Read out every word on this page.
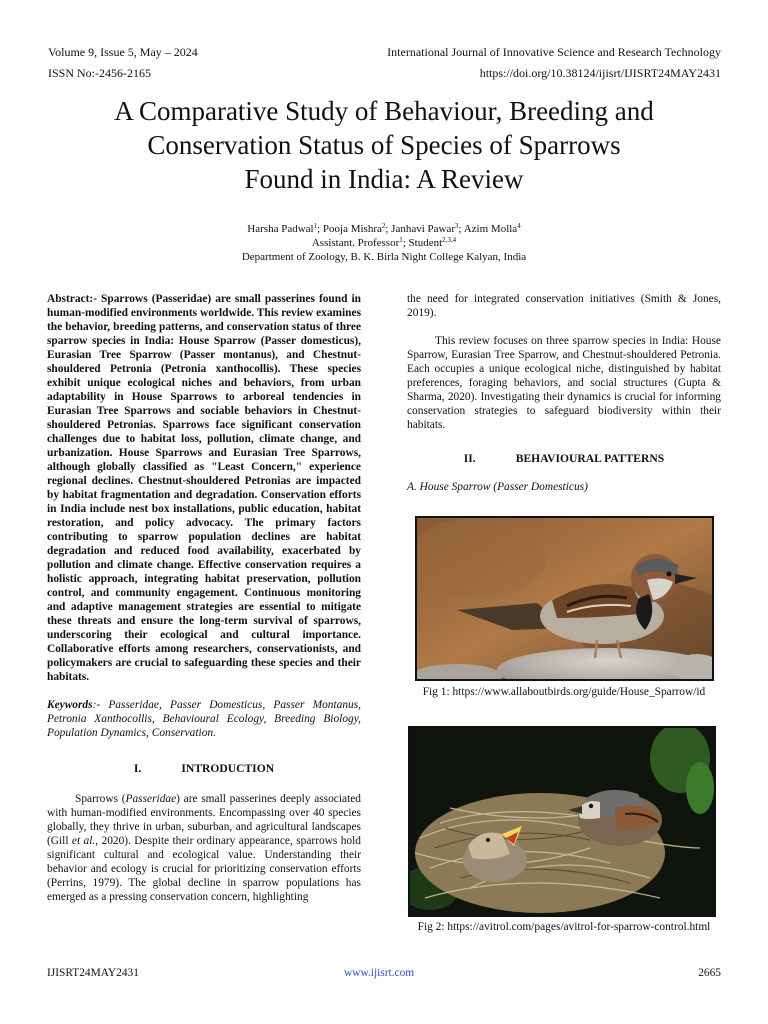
Volume 9, Issue 5, May – 2024	International Journal of Innovative Science and Research Technology
ISSN No:-2456-2165	https://doi.org/10.38124/ijisrt/IJISRT24MAY2431
A Comparative Study of Behaviour, Breeding and
Conservation Status of Species of Sparrows
Found in India: A Review
Harsha Padwal$^1$; Pooja Mishra$^2$; Janhavi Pawar$^3$; Azim Molla$^4$
Assistant. Professor$^1$; Student$^{2,3,4}$
Department of Zoology, B. K. Birla Night College Kalyan, India

Abstract:- Sparrows (Passeridae) are small passerines found in human-modified environments worldwide. This review examines the behavior, breeding patterns, and conservation status of three sparrow species in India: House Sparrow (Passer domesticus), Eurasian Tree Sparrow (Passer montanus), and Chestnut-shouldered Petronia (Petronia xanthocollis). These species exhibit unique ecological niches and behaviors, from urban adaptability in House Sparrows to arboreal tendencies in Eurasian Tree Sparrows and sociable behaviors in Chestnut-shouldered Petronias. Sparrows face significant conservation challenges due to habitat loss, pollution, climate change, and urbanization. House Sparrows and Eurasian Tree Sparrows, although globally classified as "Least Concern," experience regional declines. Chestnut-shouldered Petronias are impacted by habitat fragmentation and degradation. Conservation efforts in India include nest box installations, public education, habitat restoration, and policy advocacy. The primary factors contributing to sparrow population declines are habitat degradation and reduced food availability, exacerbated by pollution and climate change. Effective conservation requires a holistic approach, integrating habitat preservation, pollution control, and community engagement. Continuous monitoring and adaptive management strategies are essential to mitigate these threats and ensure the long-term survival of sparrows, underscoring their ecological and cultural importance. Collaborative efforts among researchers, conservationists, and policymakers are crucial to safeguarding these species and their habitats.

Keywords:- Passeridae, Passer Domesticus, Passer Montanus, Petronia Xanthocollis, Behavioural Ecology, Breeding Biology, Population Dynamics, Conservation.

I.	INTRODUCTION

Sparrows (Passeridae) are small passerines deeply associated with human-modified environments. Encompassing over 40 species globally, they thrive in urban, suburban, and agricultural landscapes (Gill et al., 2020). Despite their ordinary appearance, sparrows hold significant cultural and ecological value. Understanding their behavior and ecology is crucial for prioritizing conservation efforts (Perrins, 1979). The global decline in sparrow populations has emerged as a pressing conservation concern, highlighting

the need for integrated conservation initiatives (Smith & Jones, 2019).

This review focuses on three sparrow species in India: House Sparrow, Eurasian Tree Sparrow, and Chestnut-shouldered Petronia. Each occupies a unique ecological niche, distinguished by habitat preferences, foraging behaviors, and social structures (Gupta & Sharma, 2020). Investigating their dynamics is crucial for informing conservation strategies to safeguard biodiversity within their habitats.

II.	BEHAVIOURAL PATTERNS

A. House Sparrow (Passer Domesticus)

Fig 1: https://www.allaboutbirds.org/guide/House_Sparrow/id
Fig 2: https://avitrol.com/pages/avitrol-for-sparrow-control.html
IJISRT24MAY2431	www.ijisrt.com	2665
